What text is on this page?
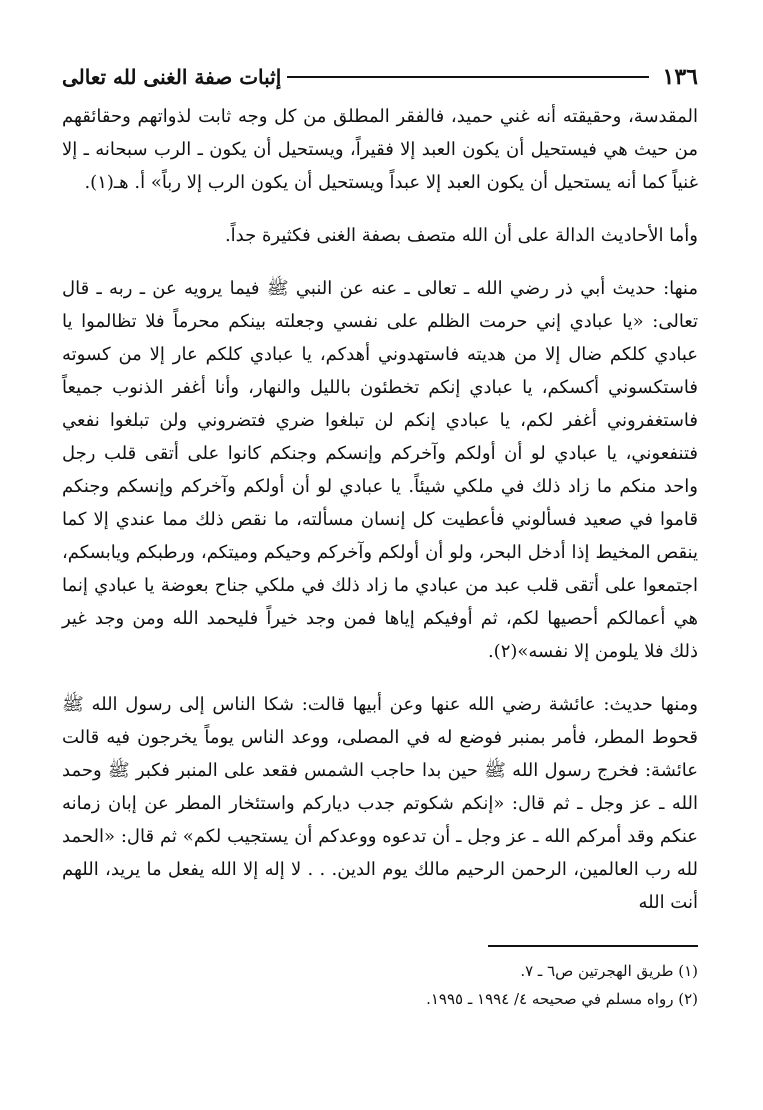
١٣٦
إثبات صفة الغنى لله تعالى

المقدسة، وحقيقته أنه غني حميد، فالفقر المطلق من كل وجه ثابت لذواتهم وحقائقهم من حيث هي فيستحيل أن يكون العبد إلا فقيراً، ويستحيل أن يكون ـ الرب سبحانه ـ إلا غنياً كما أنه يستحيل أن يكون العبد إلا عبداً ويستحيل أن يكون الرب إلا رباً» أ. هـ(١).

وأما الأحاديث الدالة على أن الله متصف بصفة الغنى فكثيرة جداً.

منها: حديث أبي ذر رضي الله ـ تعالى ـ عنه عن النبي ﷺ فيما يرويه عن ـ ربه ـ قال تعالى: «يا عبادي إني حرمت الظلم على نفسي وجعلته بينكم محرماً فلا تظالموا يا عبادي كلكم ضال إلا من هديته فاستهدوني أهدكم، يا عبادي كلكم عار إلا من كسوته فاستكسوني أكسكم، يا عبادي إنكم تخطئون بالليل والنهار، وأنا أغفر الذنوب جميعاً فاستغفروني أغفر لكم، يا عبادي إنكم لن تبلغوا ضري فتضروني ولن تبلغوا نفعي فتنفعوني، يا عبادي لو أن أولكم وآخركم وإنسكم وجنكم كانوا على أتقى قلب رجل واحد منكم ما زاد ذلك في ملكي شيئاً. يا عبادي لو أن أولكم وآخركم وإنسكم وجنكم قاموا في صعيد فسألوني فأعطيت كل إنسان مسألته، ما نقص ذلك مما عندي إلا كما ينقص المخيط إذا أدخل البحر، ولو أن أولكم وآخركم وحيكم وميتكم، ورطبكم ويابسكم، اجتمعوا على أتقى قلب عبد من عبادي ما زاد ذلك في ملكي جناح بعوضة يا عبادي إنما هي أعمالكم أحصيها لكم، ثم أوفيكم إياها فمن وجد خيراً فليحمد الله ومن وجد غير ذلك فلا يلومن إلا نفسه»(٢).

ومنها حديث: عائشة رضي الله عنها وعن أبيها قالت: شكا الناس إلى رسول الله ﷺ قحوط المطر، فأمر بمنبر فوضع له في المصلى، ووعد الناس يوماً يخرجون فيه قالت عائشة: فخرج رسول الله ﷺ حين بدا حاجب الشمس فقعد على المنبر فكبر ﷺ وحمد الله ـ عز وجل ـ ثم قال: «إنكم شكوتم جدب دياركم واستئخار المطر عن إبان زمانه عنكم وقد أمركم الله ـ عز وجل ـ أن تدعوه ووعدكم أن يستجيب لكم» ثم قال: «الحمد لله رب العالمين، الرحمن الرحيم مالك يوم الدين. . . لا إله إلا الله يفعل ما يريد، اللهم أنت الله

(١) طريق الهجرتين ص٦ ـ ٧.

(٢) رواه مسلم في صحيحه ٤/ ١٩٩٤ ـ ١٩٩٥.
